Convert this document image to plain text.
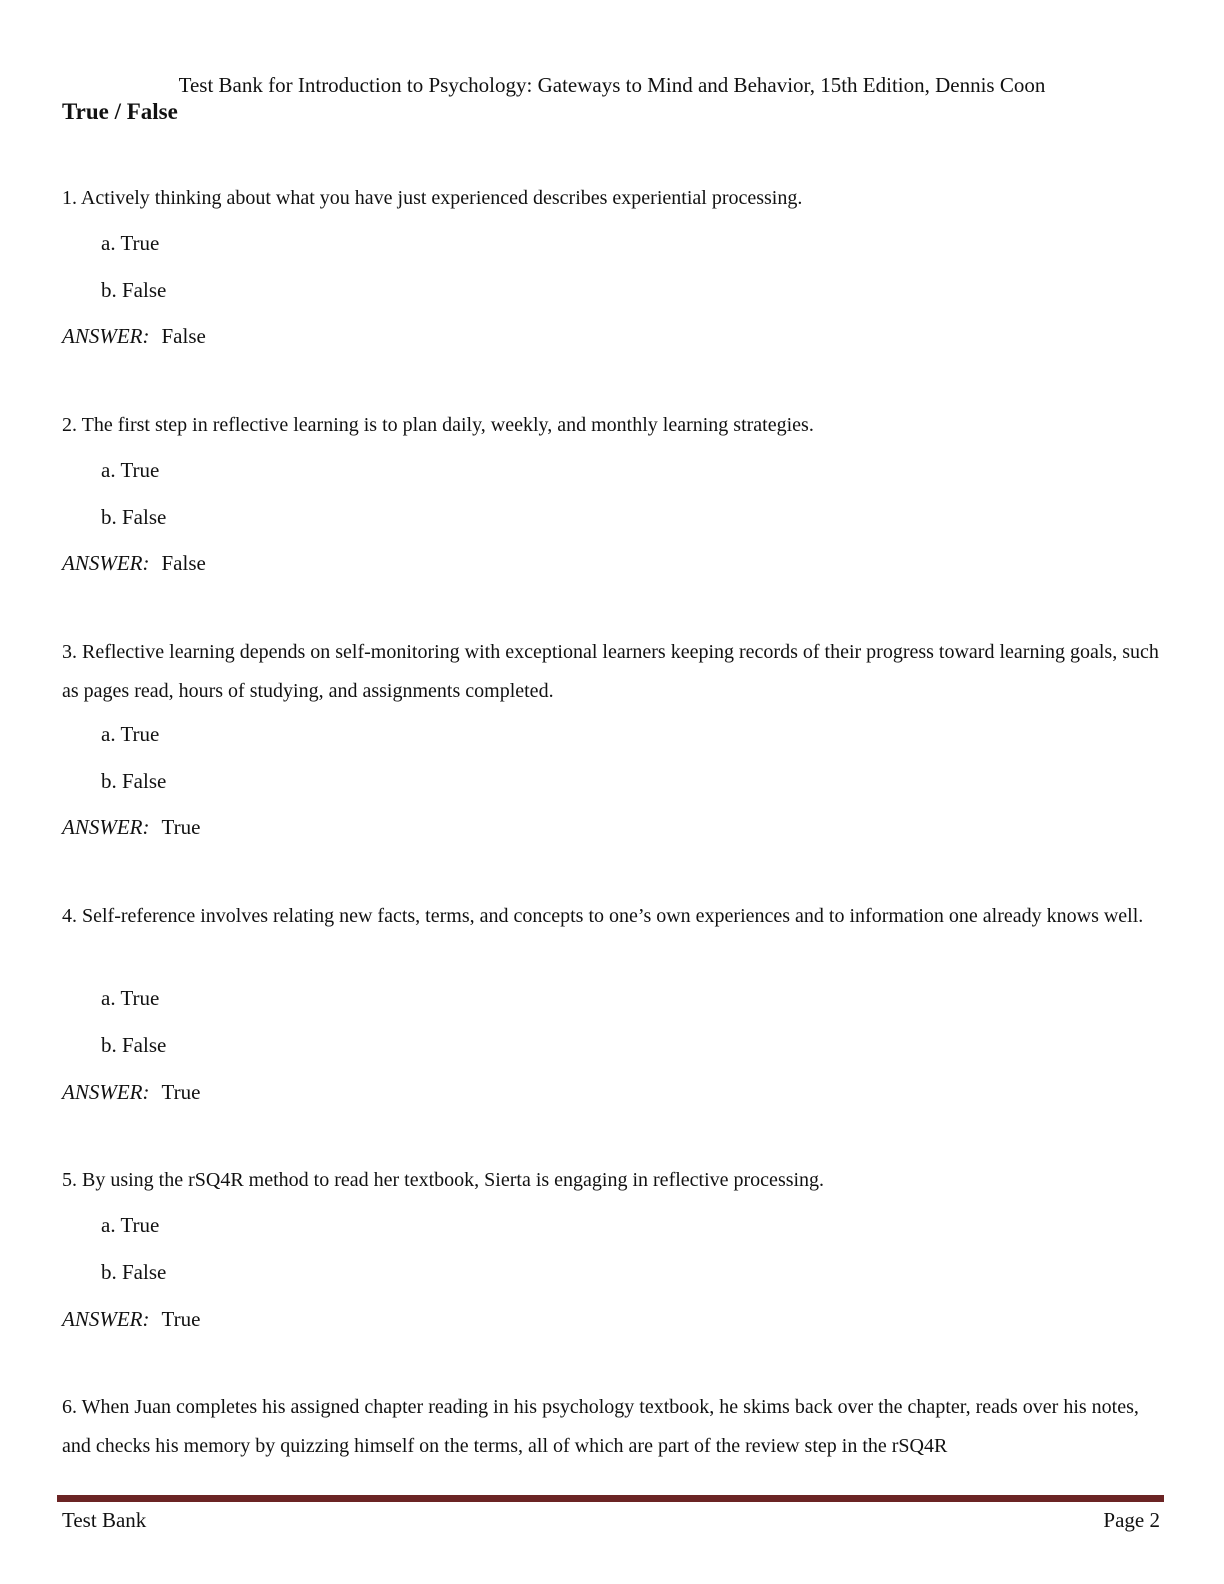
Test Bank for Introduction to Psychology: Gateways to Mind and Behavior, 15th Edition, Dennis Coon
True / False
1. Actively thinking about what you have just experienced describes experiential processing.
a. True
b. False
ANSWER: False
2. The first step in reflective learning is to plan daily, weekly, and monthly learning strategies.
a. True
b. False
ANSWER: False
3. Reflective learning depends on self-monitoring with exceptional learners keeping records of their progress toward learning goals, such as pages read, hours of studying, and assignments completed.
a. True
b. False
ANSWER: True
4. Self-reference involves relating new facts, terms, and concepts to one’s own experiences and to information one already knows well.
a. True
b. False
ANSWER: True
5. By using the rSQ4R method to read her textbook, Sierta is engaging in reflective processing.
a. True
b. False
ANSWER: True
6. When Juan completes his assigned chapter reading in his psychology textbook, he skims back over the chapter, reads over his notes, and checks his memory by quizzing himself on the terms, all of which are part of the review step in the rSQ4R
Test Bank	Page 2
